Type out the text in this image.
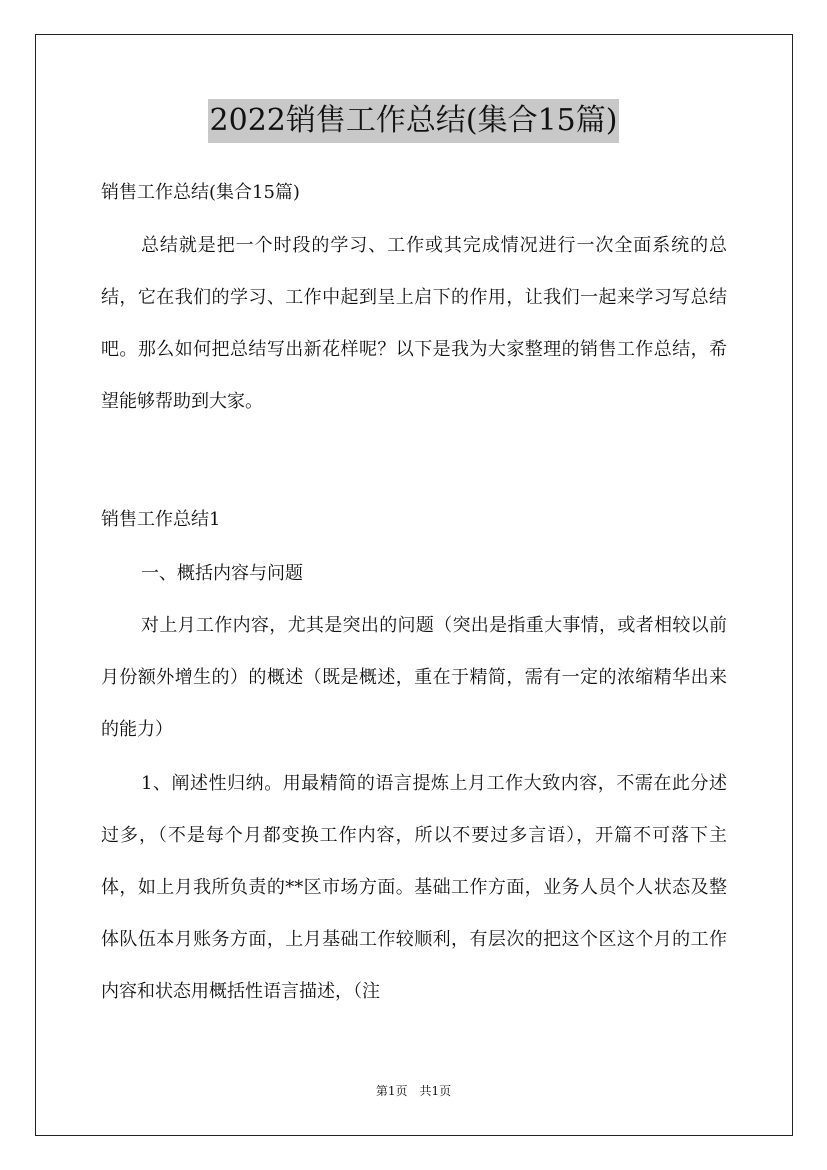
2022销售工作总结(集合15篇)

销售工作总结(集合15篇)

总结就是把一个时段的学习、工作或其完成情况进行一次全面系统的总结，它在我们的学习、工作中起到呈上启下的作用，让我们一起来学习写总结吧。那么如何把总结写出新花样呢？以下是我为大家整理的销售工作总结，希望能够帮助到大家。

销售工作总结1

一、概括内容与问题

对上月工作内容，尤其是突出的问题（突出是指重大事情，或者相较以前月份额外增生的）的概述（既是概述，重在于精简，需有一定的浓缩精华出来的能力）

1、阐述性归纳。用最精简的语言提炼上月工作大致内容，不需在此分述过多，（不是每个月都变换工作内容，所以不要过多言语），开篇不可落下主体，如上月我所负责的**区市场方面。基础工作方面，业务人员个人状态及整体队伍本月账务方面，上月基础工作较顺利，有层次的把这个区这个月的工作内容和状态用概括性语言描述，（注

第1页　共1页
